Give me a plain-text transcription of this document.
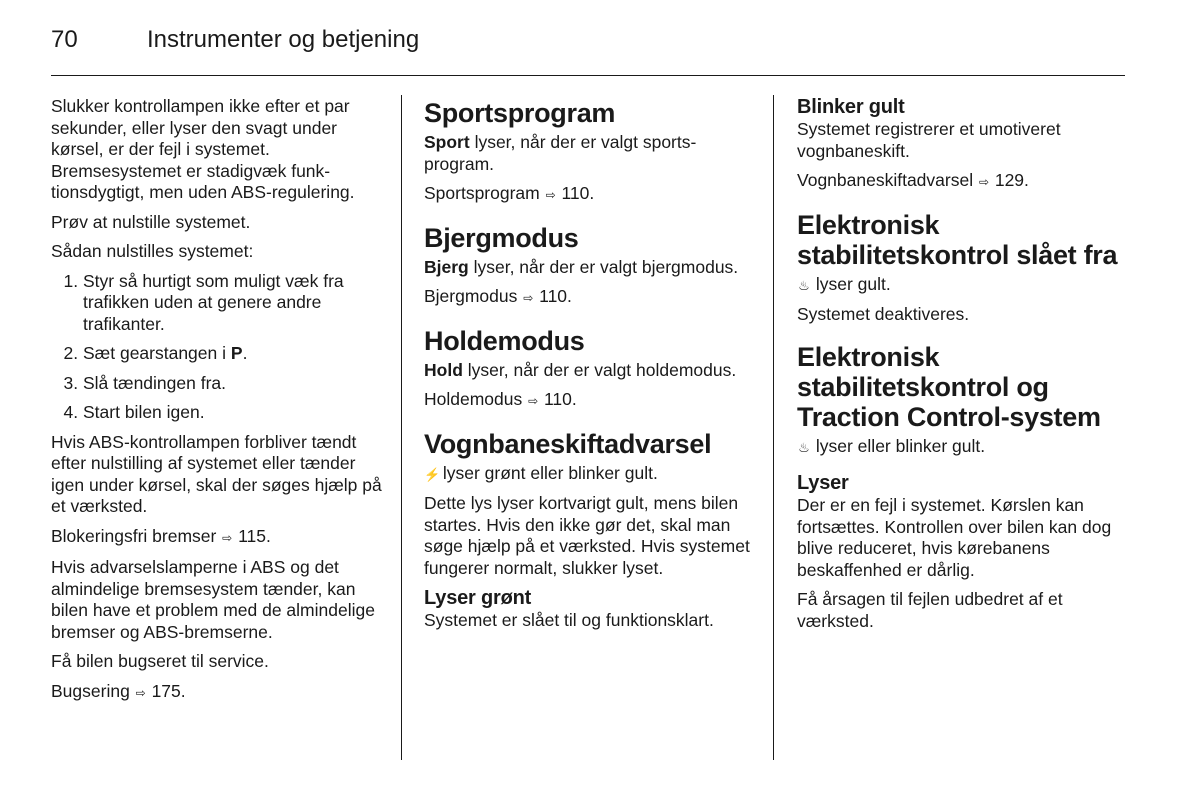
70	Instrumenter og betjening

Slukker kontrollampen ikke efter et par sekunder, eller lyser den svagt under kørsel, er der fejl i systemet. Bremsesystemet er stadigvæk funktionsdygtigt, men uden ABS-regulering.

Prøv at nulstille systemet.

Sådan nulstilles systemet:

1. Styr så hurtigt som muligt væk fra trafikken uden at genere andre trafikanter.
2. Sæt gearstangen i P.
3. Slå tændingen fra.
4. Start bilen igen.

Hvis ABS-kontrollampen forbliver tændt efter nulstilling af systemet eller tænder igen under kørsel, skal der søges hjælp på et værksted.

Blokeringsfri bremser ⇨ 115.

Hvis advarselslamperne i ABS og det almindelige bremsesystem tænder, kan bilen have et problem med de almindelige bremser og ABS-bremserne.

Få bilen bugseret til service.

Bugsering ⇨ 175.

Sportsprogram

Sport lyser, når der er valgt sportsprogram.

Sportsprogram ⇨ 110.

Bjergmodus

Bjerg lyser, når der er valgt bjergmodus.

Bjergmodus ⇨ 110.

Holdemodus

Hold lyser, når der er valgt holdemodus.

Holdemodus ⇨ 110.

Vognbaneskiftadvarsel

⚡ lyser grønt eller blinker gult.

Dette lys lyser kortvarigt gult, mens bilen startes. Hvis den ikke gør det, skal man søge hjælp på et værksted. Hvis systemet fungerer normalt, slukker lyset.

Lyser grønt

Systemet er slået til og funktionsklart.

Blinker gult

Systemet registrerer et umotiveret vognbaneskift.

Vognbaneskiftadvarsel ⇨ 129.

Elektronisk
stabilitetskontrol slået fra

♨ lyser gult.

Systemet deaktiveres.

Elektronisk
stabilitetskontrol og
Traction Control-system

♨ lyser eller blinker gult.

Lyser

Der er en fejl i systemet. Kørslen kan fortsættes. Kontrollen over bilen kan dog blive reduceret, hvis kørebanens beskaffenhed er dårlig.

Få årsagen til fejlen udbedret af et værksted.
